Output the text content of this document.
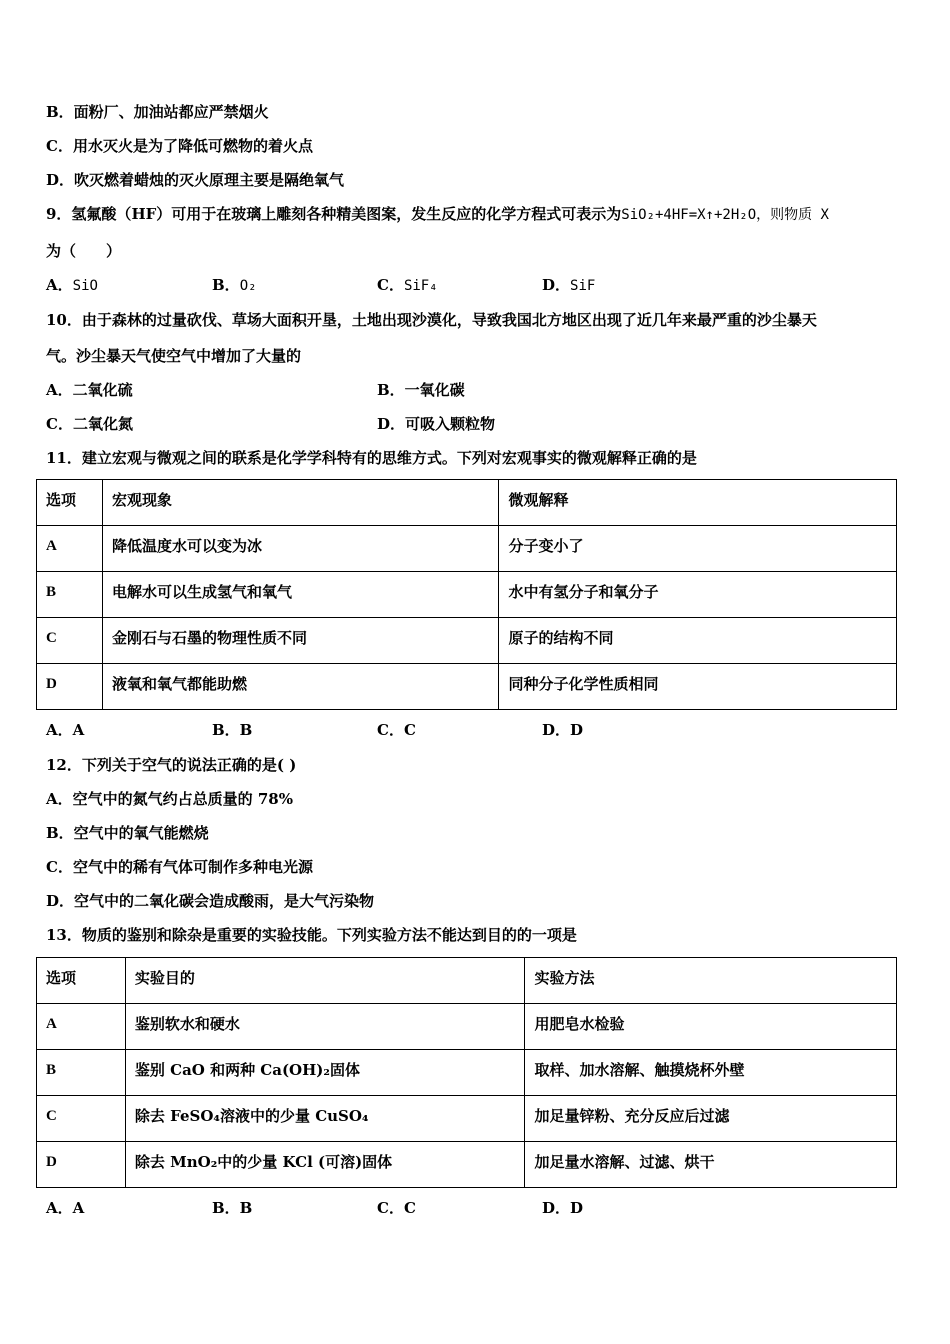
B．面粉厂、加油站都应严禁烟火
C．用水灭火是为了降低可燃物的着火点
D．吹灭燃着蜡烛的灭火原理主要是隔绝氧气
9．氢氟酸（HF）可用于在玻璃上雕刻各种精美图案，发生反应的化学方程式可表示为SiO₂+4HF=X↑+2H₂O，则物质 X
为（　　）
A．SiO	B．O₂	C．SiF₄	D．SiF
10．由于森林的过量砍伐、草场大面积开垦，土地出现沙漠化，导致我国北方地区出现了近几年来最严重的沙尘暴天
气。沙尘暴天气使空气中增加了大量的
A．二氧化硫	B．一氧化碳
C．二氧化氮	D．可吸入颗粒物
11．建立宏观与微观之间的联系是化学学科特有的思维方式。下列对宏观事实的微观解释正确的是
选项	宏观现象	微观解释
A	降低温度水可以变为冰	分子变小了
B	电解水可以生成氢气和氧气	水中有氢分子和氧分子
C	金刚石与石墨的物理性质不同	原子的结构不同
D	液氧和氧气都能助燃	同种分子化学性质相同
A．A	B．B	C．C	D．D
12．下列关于空气的说法正确的是( )
A．空气中的氮气约占总质量的 78%
B．空气中的氧气能燃烧
C．空气中的稀有气体可制作多种电光源
D．空气中的二氧化碳会造成酸雨，是大气污染物
13．物质的鉴别和除杂是重要的实验技能。下列实验方法不能达到目的的一项是
选项	实验目的	实验方法
A	鉴别软水和硬水	用肥皂水检验
B	鉴别 CaO 和两种 Ca(OH)₂固体	取样、加水溶解、触摸烧杯外壁
C	除去 FeSO₄溶液中的少量 CuSO₄	加足量锌粉、充分反应后过滤
D	除去 MnO₂中的少量 KCl (可溶)固体	加足量水溶解、过滤、烘干
A．A	B．B	C．C	D．D
